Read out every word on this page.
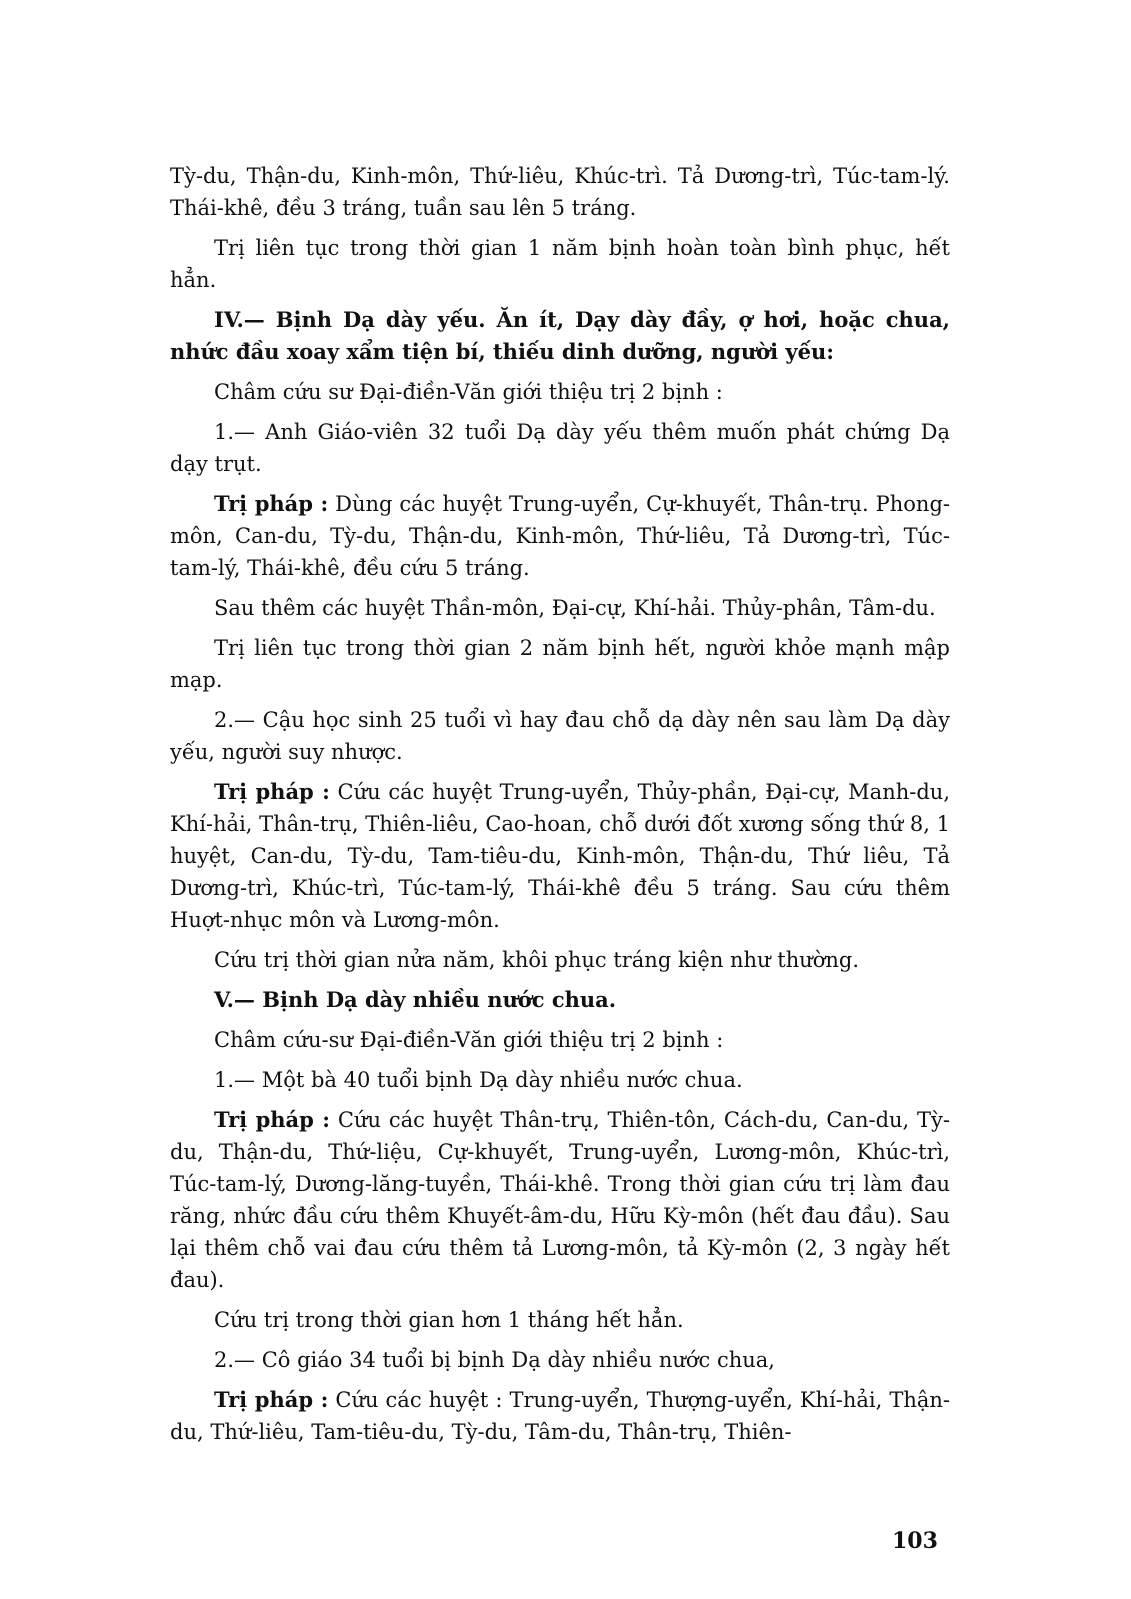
Tỳ-du, Thận-du, Kinh-môn, Thứ-liêu, Khúc-trì. Tả Dương-trì, Túc-tam-lý. Thái-khê, đều 3 tráng, tuần sau lên 5 tráng.

Trị liên tục trong thời gian 1 năm bịnh hoàn toàn bình phục, hết hẳn.

IV.— Bịnh Dạ dày yếu. Ăn ít, Dạy dày đầy, ợ hơi, hoặc chua, nhức đầu xoay xẩm tiện bí, thiếu dinh dưỡng, người yếu:

Châm cứu sư Đại-điền-Văn giới thiệu trị 2 bịnh :

1.— Anh Giáo-viên 32 tuổi Dạ dày yếu thêm muốn phát chứng Dạ dạy trụt.

Trị pháp : Dùng các huyệt Trung-uyển, Cự-khuyết, Thân-trụ. Phong-môn, Can-du, Tỳ-du, Thận-du, Kinh-môn, Thứ-liêu, Tả Dương-trì, Túc-tam-lý, Thái-khê, đều cứu 5 tráng.

Sau thêm các huyệt Thần-môn, Đại-cự, Khí-hải. Thủy-phân, Tâm-du.

Trị liên tục trong thời gian 2 năm bịnh hết, người khỏe mạnh mập mạp.

2.— Cậu học sinh 25 tuổi vì hay đau chỗ dạ dày nên sau làm Dạ dày yếu, người suy nhược.

Trị pháp : Cứu các huyệt Trung-uyển, Thủy-phần, Đại-cự, Manh-du, Khí-hải, Thân-trụ, Thiên-liêu, Cao-hoan, chỗ dưới đốt xương sống thứ 8, 1 huyệt, Can-du, Tỳ-du, Tam-tiêu-du, Kinh-môn, Thận-du, Thứ liêu, Tả Dương-trì, Khúc-trì, Túc-tam-lý, Thái-khê đều 5 tráng. Sau cứu thêm Huợt-nhục môn và Lương-môn.

Cứu trị thời gian nửa năm, khôi phục tráng kiện như thường.

V.— Bịnh Dạ dày nhiều nước chua.

Châm cứu-sư Đại-điền-Văn giới thiệu trị 2 bịnh :

1.— Một bà 40 tuổi bịnh Dạ dày nhiều nước chua.

Trị pháp : Cứu các huyệt Thân-trụ, Thiên-tôn, Cách-du, Can-du, Tỳ-du, Thận-du, Thứ-liệu, Cự-khuyết, Trung-uyển, Lương-môn, Khúc-trì, Túc-tam-lý, Dương-lăng-tuyền, Thái-khê. Trong thời gian cứu trị làm đau răng, nhức đầu cứu thêm Khuyết-âm-du, Hữu Kỳ-môn (hết đau đầu). Sau lại thêm chỗ vai đau cứu thêm tả Lương-môn, tả Kỳ-môn (2, 3 ngày hết đau).

Cứu trị trong thời gian hơn 1 tháng hết hẳn.

2.— Cô giáo 34 tuổi bị bịnh Dạ dày nhiều nước chua,

Trị pháp : Cứu các huyệt : Trung-uyển, Thượng-uyển, Khí-hải, Thận-du, Thứ-liêu, Tam-tiêu-du, Tỳ-du, Tâm-du, Thân-trụ, Thiên-

103
